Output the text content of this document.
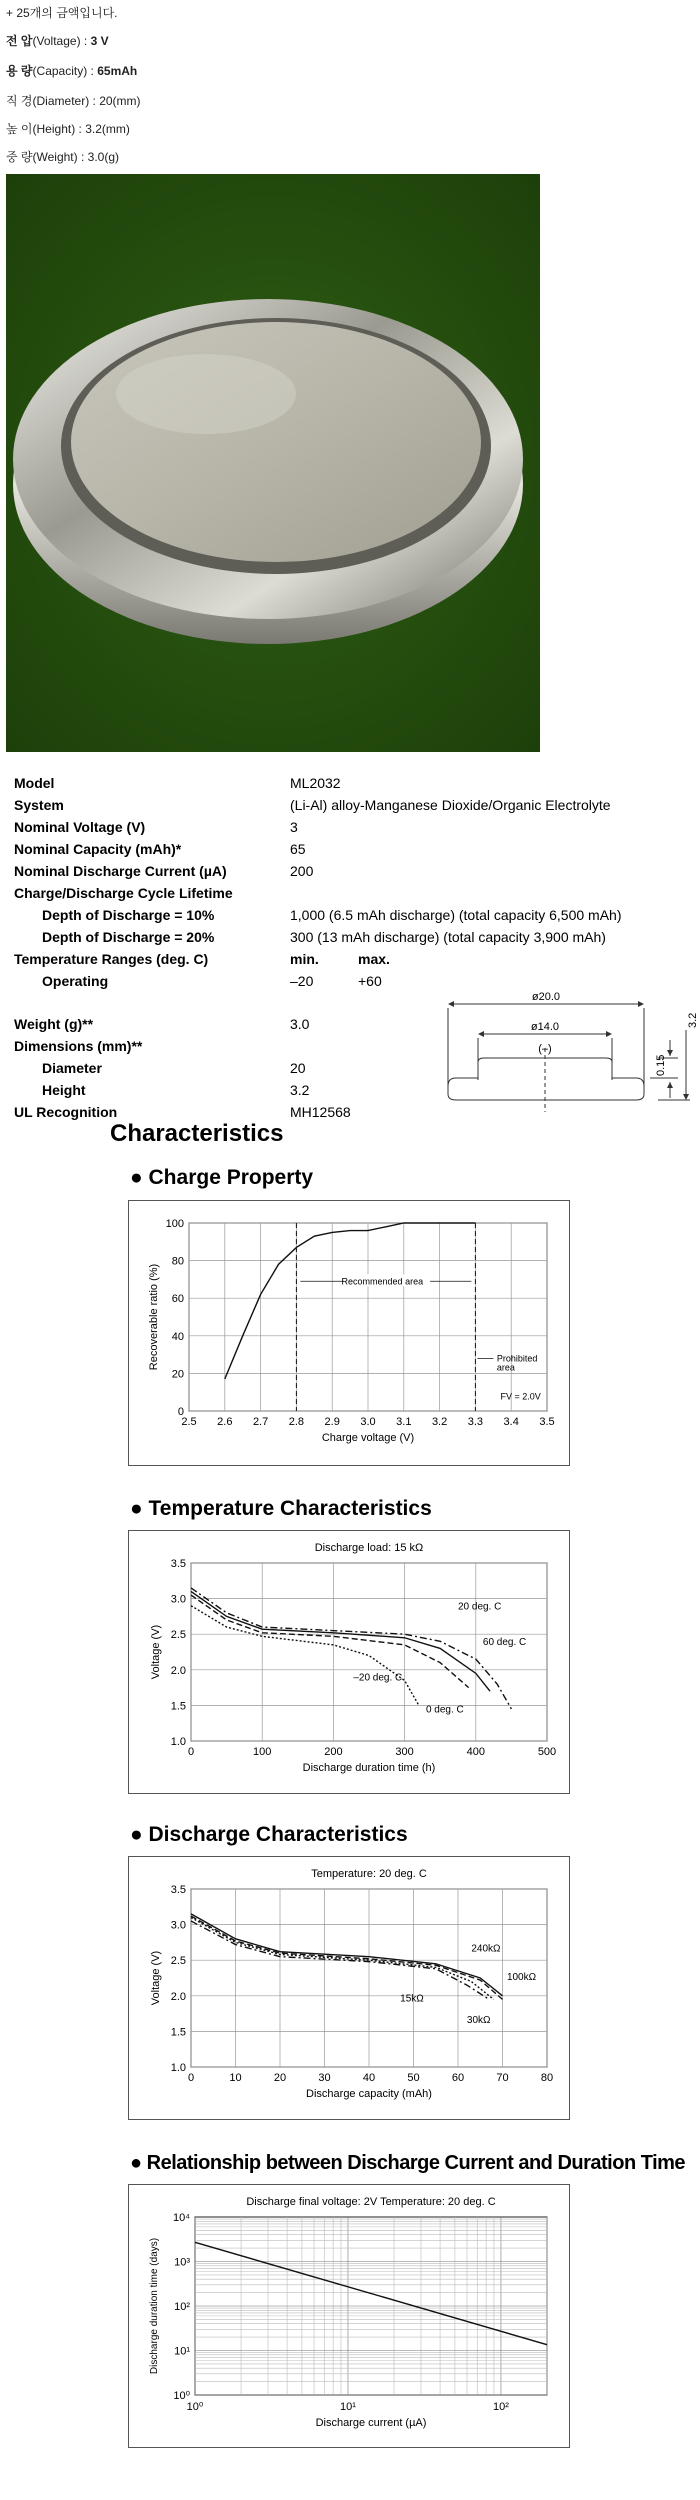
+ 25개의 금액입니다.
전 압(Voltage) : 3 V
용 량(Capacity) : 65mAh
직 경(Diameter) : 20(mm)
높 이(Height) : 3.2(mm)
중 량(Weight) : 3.0(g)
Model	ML2032
System	(Li-Al) alloy-Manganese Dioxide/Organic Electrolyte
Nominal Voltage (V)	3
Nominal Capacity (mAh)*	65
Nominal Discharge Current (µA)	200
Charge/Discharge Cycle Lifetime
Depth of Discharge = 10%	1,000 (6.5 mAh discharge) (total capacity 6,500 mAh)
Depth of Discharge = 20%	300 (13 mAh discharge) (total capacity 3,900 mAh)
Temperature Ranges (deg. C)	min.	max.
Operating	–20	+60
Weight (g)**	3.0
Dimensions (mm)**
Diameter	20
Height	3.2
UL Recognition	MH12568
ø20.0
ø14.0
(–)
0.15
3.2
Characteristics
● Charge Property
2.5 2.6 2.7 2.8 2.9 3.0 3.1 3.2 3.3 3.4 3.5
0
20
40
60
80
100
Charge voltage (V)
Recoverable ratio (%)	Recommended area
Prohibited
area
FV = 2.0V
● Temperature Characteristics
Discharge load: 15 kΩ
0	100	200	300	400	500
1.0
1.5
2.0
2.5
3.0
3.5
Discharge duration time (h)
Voltage (V)
20 deg. C
60 deg. C
–20 deg. C
0 deg. C
● Discharge Characteristics
Temperature: 20 deg. C
0	10	20	30	40	50	60	70	80
1.0
1.5
2.0
2.5
3.0
3.5
Discharge capacity (mAh)
Voltage (V)
240kΩ
100kΩ
15kΩ
30kΩ
● Relationship between Discharge Current and Duration Time
Discharge final voltage: 2V Temperature: 20 deg. C
10⁰	10¹	10²
10⁰
10¹
10²
10³
10⁴
Discharge current (µA)
Discharge duration time (days)
